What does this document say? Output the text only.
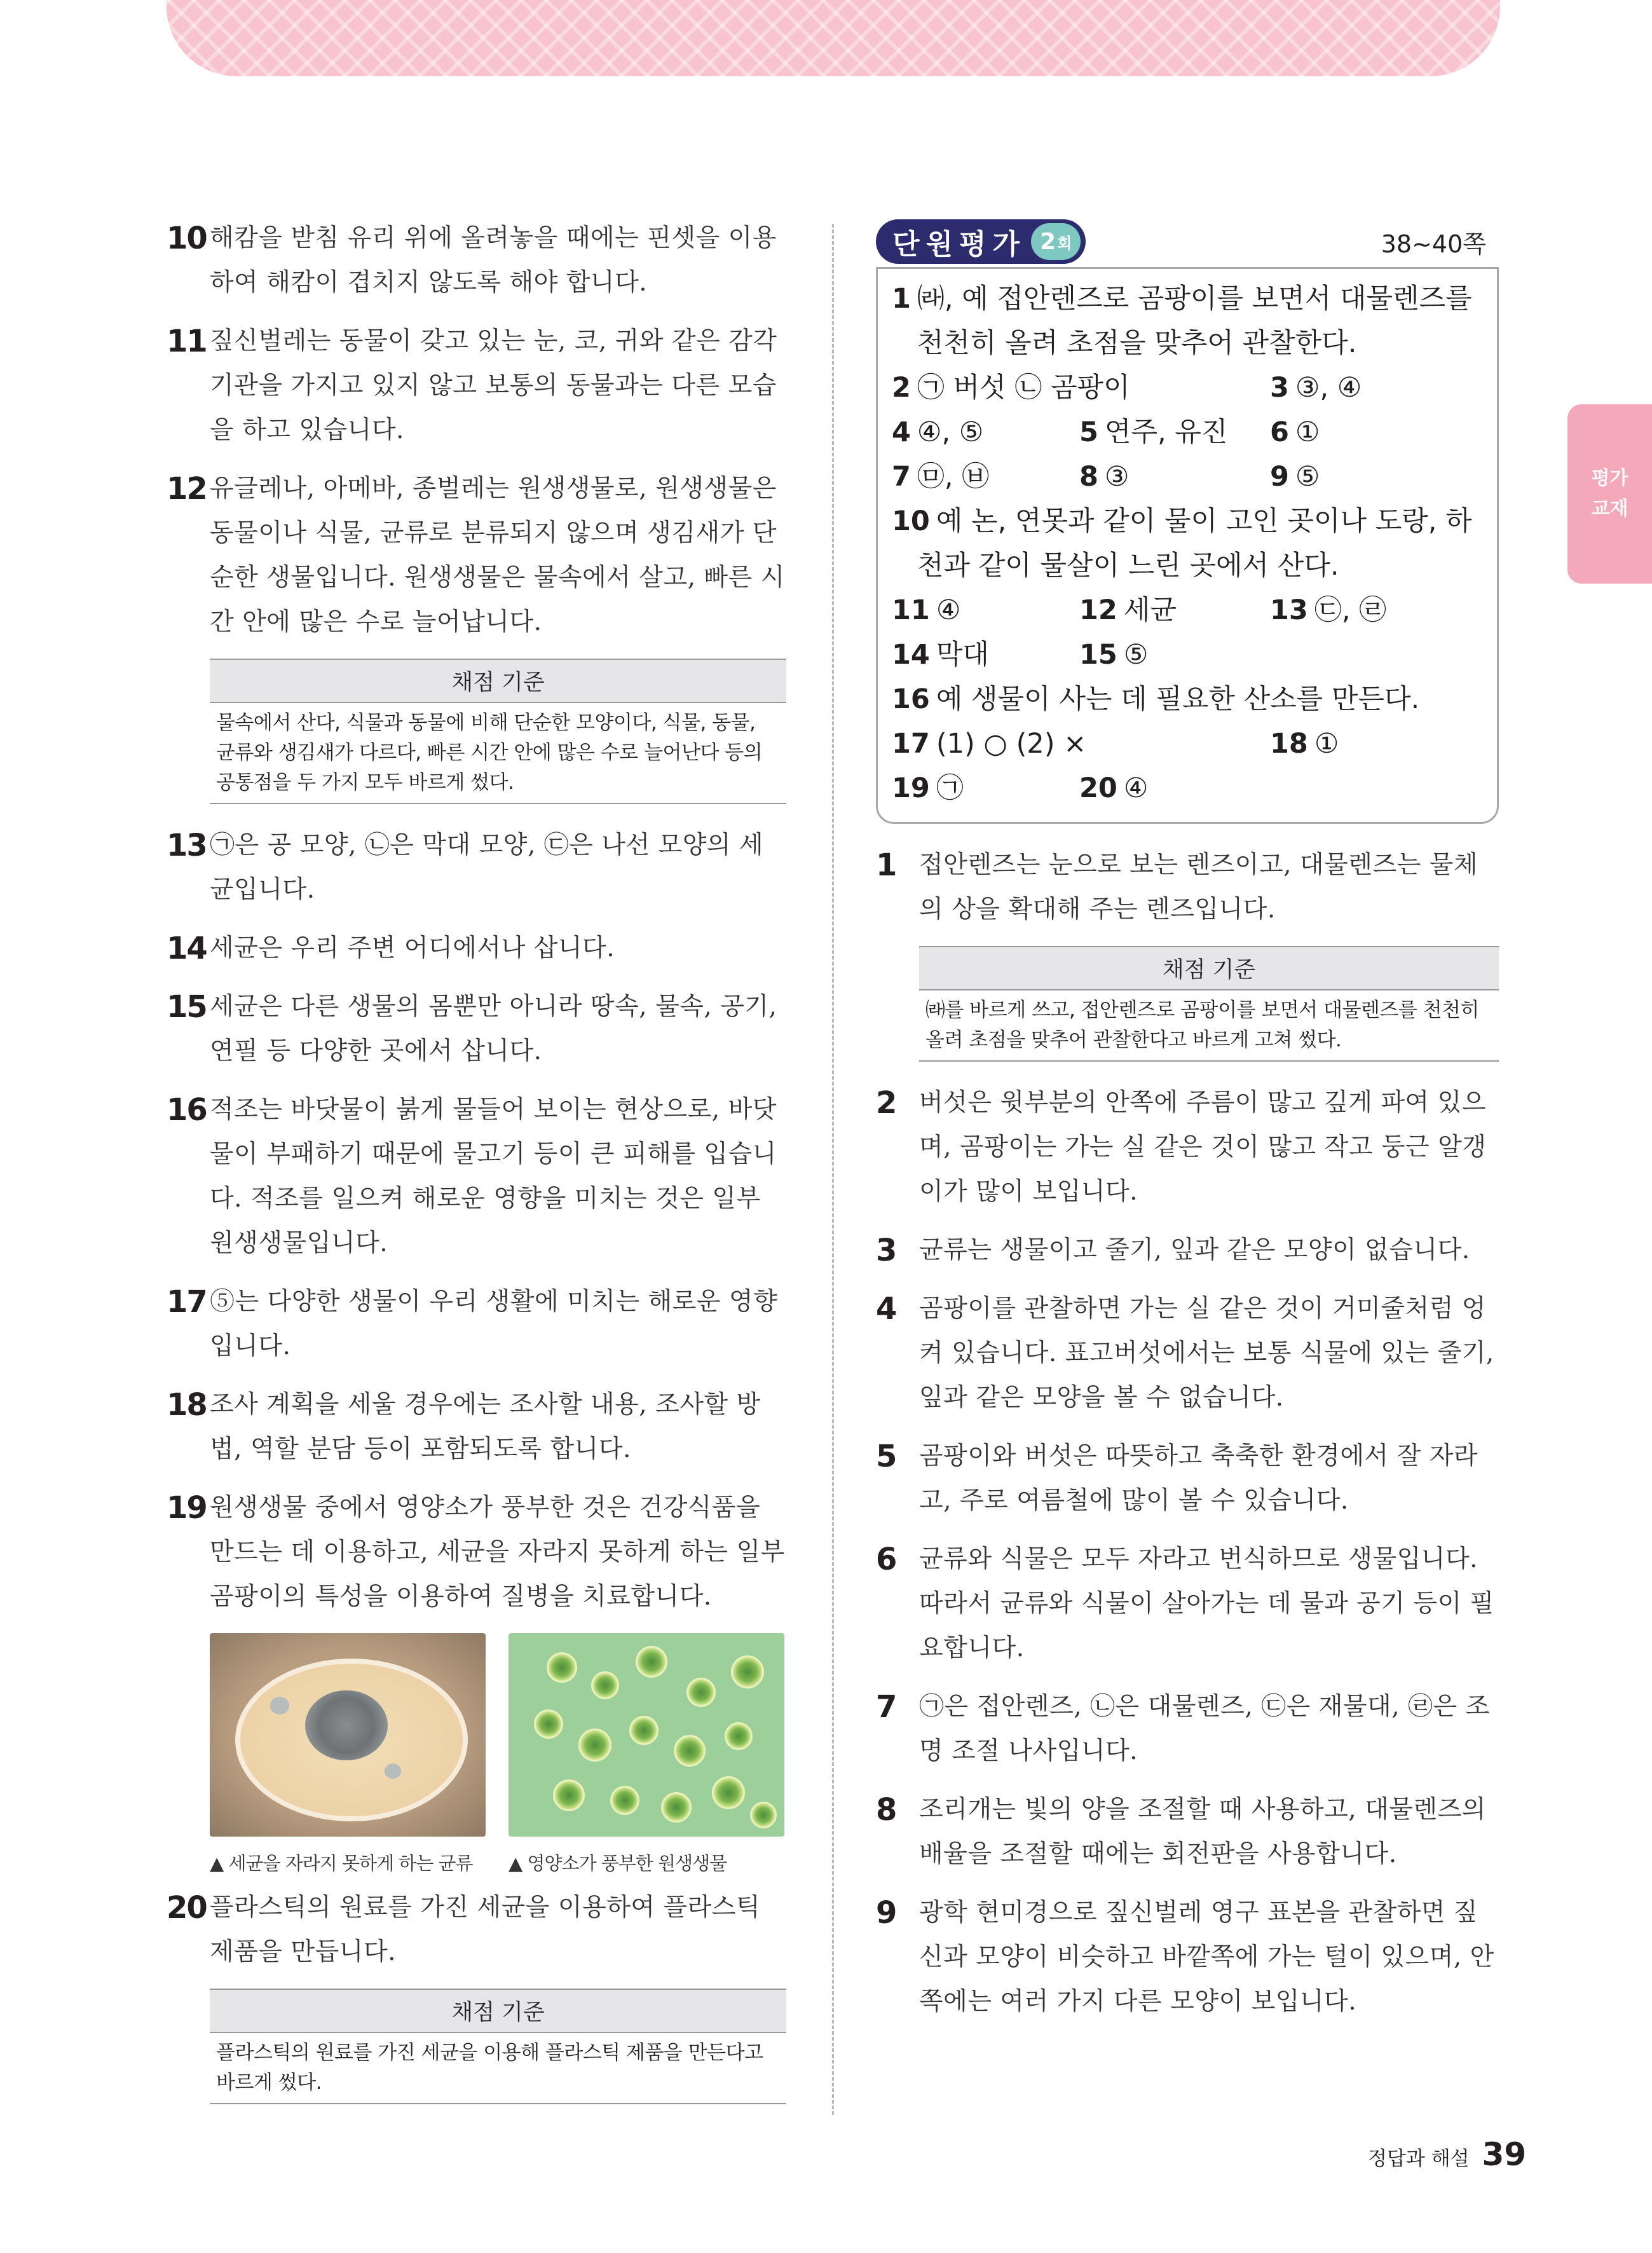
평가
교재
10 해캄을 받침 유리 위에 올려놓을 때에는 핀셋을 이용하여 해캄이 겹치지 않도록 해야 합니다.
11 짚신벌레는 동물이 갖고 있는 눈, 코, 귀와 같은 감각기관을 가지고 있지 않고 보통의 동물과는 다른 모습을 하고 있습니다.
12 유글레나, 아메바, 종벌레는 원생생물로, 원생생물은 동물이나 식물, 균류로 분류되지 않으며 생김새가 단순한 생물입니다. 원생생물은 물속에서 살고, 빠른 시간 안에 많은 수로 늘어납니다.
채점 기준
물속에서 산다, 식물과 동물에 비해 단순한 모양이다, 식물, 동물, 균류와 생김새가 다르다, 빠른 시간 안에 많은 수로 늘어난다 등의 공통점을 두 가지 모두 바르게 썼다.
13 ㉠은 공 모양, ㉡은 막대 모양, ㉢은 나선 모양의 세균입니다.
14 세균은 우리 주변 어디에서나 삽니다.
15 세균은 다른 생물의 몸뿐만 아니라 땅속, 물속, 공기, 연필 등 다양한 곳에서 삽니다.
16 적조는 바닷물이 붉게 물들어 보이는 현상으로, 바닷물이 부패하기 때문에 물고기 등이 큰 피해를 입습니다. 적조를 일으켜 해로운 영향을 미치는 것은 일부 원생생물입니다.
17 ⑤는 다양한 생물이 우리 생활에 미치는 해로운 영향입니다.
18 조사 계획을 세울 경우에는 조사할 내용, 조사할 방법, 역할 분담 등이 포함되도록 합니다.
19 원생생물 중에서 영양소가 풍부한 것은 건강식품을 만드는 데 이용하고, 세균을 자라지 못하게 하는 일부 곰팡이의 특성을 이용하여 질병을 치료합니다.
▲ 세균을 자라지 못하게 하는 균류	▲ 영양소가 풍부한 원생생물
20 플라스틱의 원료를 가진 세균을 이용하여 플라스틱 제품을 만듭니다.
채점 기준
플라스틱의 원료를 가진 세균을 이용해 플라스틱 제품을 만든다고 바르게 썼다.
단원평가 2 회	38~40쪽
1 ㈑, 예 접안렌즈로 곰팡이를 보면서 대물렌즈를 천천히 올려 초점을 맞추어 관찰한다.
2 ㉠ 버섯 ㉡ 곰팡이	3 ③, ④
4 ④, ⑤	5 연주, 유진	6 ①
7 ㉤, ㉥	8 ③	9 ⑤
10 예 논, 연못과 같이 물이 고인 곳이나 도랑, 하천과 같이 물살이 느린 곳에서 산다.
11 ④	12 세균	13 ㉢, ㉣
14 막대	15 ⑤
16 예 생물이 사는 데 필요한 산소를 만든다.
17 (1) ○ (2) ×	18 ①
19 ㉠	20 ④
1 접안렌즈는 눈으로 보는 렌즈이고, 대물렌즈는 물체의 상을 확대해 주는 렌즈입니다.
채점 기준
㈑를 바르게 쓰고, 접안렌즈로 곰팡이를 보면서 대물렌즈를 천천히 올려 초점을 맞추어 관찰한다고 바르게 고쳐 썼다.
2 버섯은 윗부분의 안쪽에 주름이 많고 깊게 파여 있으며, 곰팡이는 가는 실 같은 것이 많고 작고 둥근 알갱이가 많이 보입니다.
3 균류는 생물이고 줄기, 잎과 같은 모양이 없습니다.
4 곰팡이를 관찰하면 가는 실 같은 것이 거미줄처럼 엉켜 있습니다. 표고버섯에서는 보통 식물에 있는 줄기, 잎과 같은 모양을 볼 수 없습니다.
5 곰팡이와 버섯은 따뜻하고 축축한 환경에서 잘 자라고, 주로 여름철에 많이 볼 수 있습니다.
6 균류와 식물은 모두 자라고 번식하므로 생물입니다. 따라서 균류와 식물이 살아가는 데 물과 공기 등이 필요합니다.
7 ㉠은 접안렌즈, ㉡은 대물렌즈, ㉢은 재물대, ㉣은 조명 조절 나사입니다.
8 조리개는 빛의 양을 조절할 때 사용하고, 대물렌즈의 배율을 조절할 때에는 회전판을 사용합니다.
9 광학 현미경으로 짚신벌레 영구 표본을 관찰하면 짚신과 모양이 비슷하고 바깥쪽에 가는 털이 있으며, 안쪽에는 여러 가지 다른 모양이 보입니다.
정답과 해설 39
